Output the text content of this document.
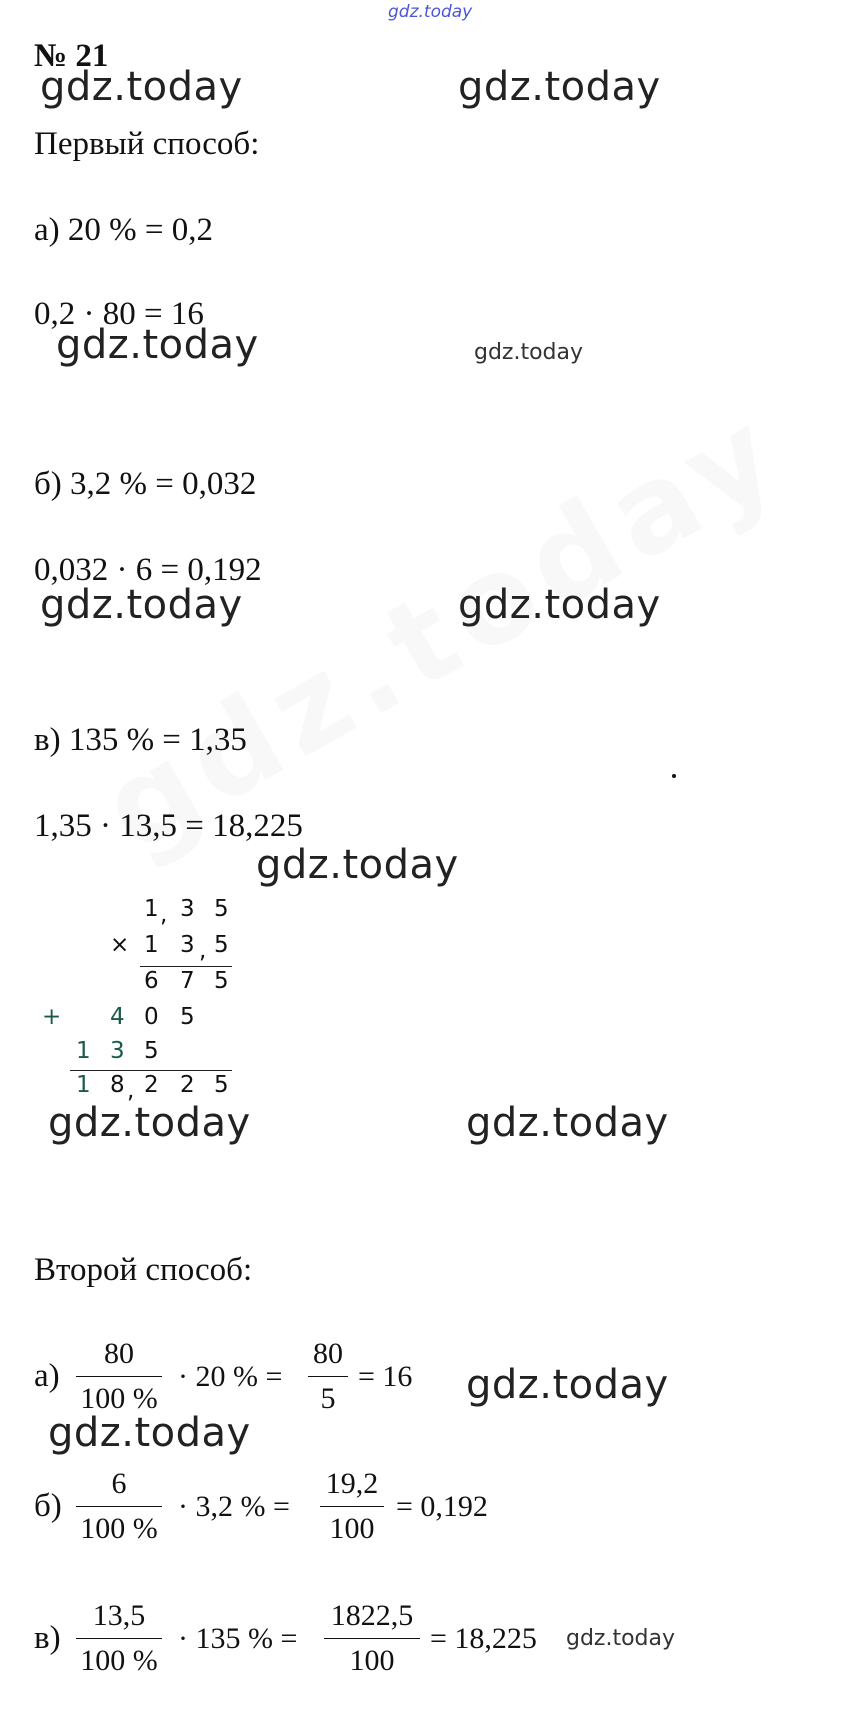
gdz.today
gdz.today	gdz.today
gdz.today	gdz.today
gdz.today	gdz.today
gdz.today
gdz.today	gdz.today
gdz.today
gdz.today
gdz.today
№ 21
Первый способ:
а) 20 % = 0,2
0,2 · 80 = 16
б) 3,2 % = 0,032
0,032 · 6 = 0,192
в) 135 % = 1,35
1,35 · 13,5 = 18,225
1 , 3 5
× 1 3 , 5
6 7 5
+ 4 0 5
1 3 5
1 8 , 2 2 5
Второй способ:
а)
80
100 %
· 20 % =
80
5
= 16
б)
6
100 %
· 3,2 % =
19,2
100
= 0,192
в)
13,5
100 %
· 135 % =
1822,5
100
= 18,225
